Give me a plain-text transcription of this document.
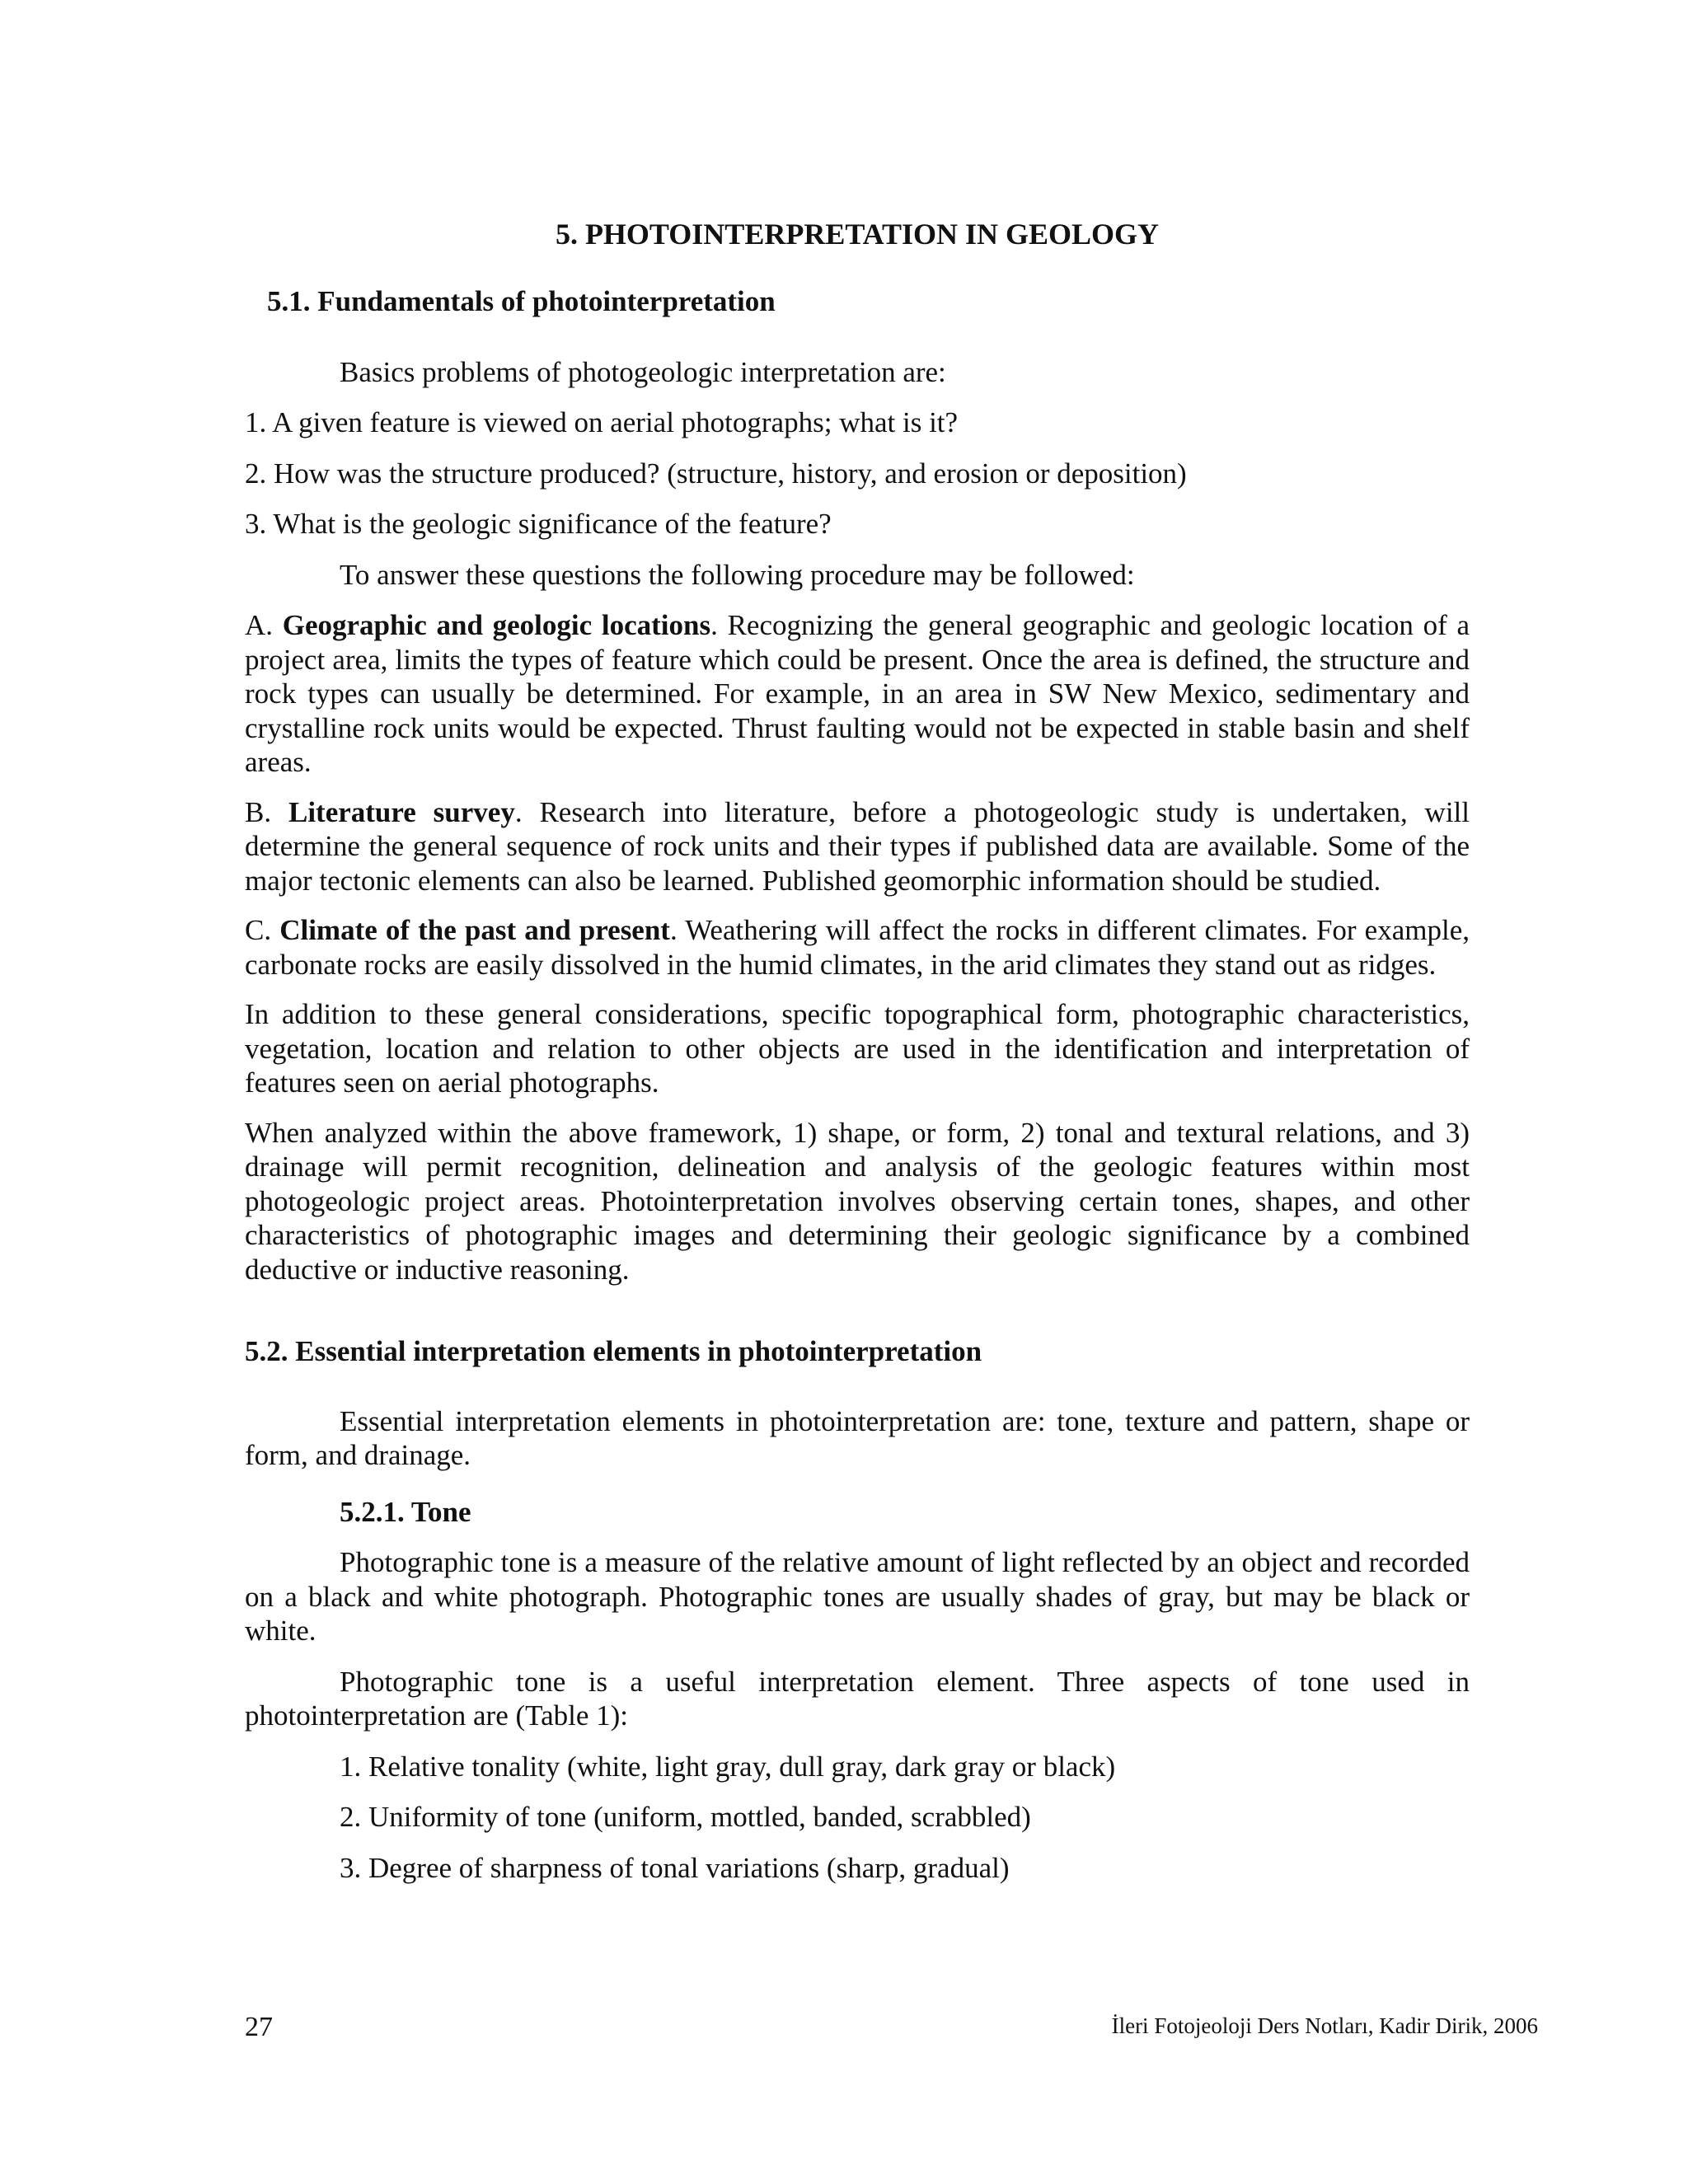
5. PHOTOINTERPRETATION IN GEOLOGY
5.1. Fundamentals of photointerpretation

Basics problems of photogeologic interpretation are:

1. A given feature is viewed on aerial photographs; what is it?

2. How was the structure produced? (structure, history, and erosion or deposition)

3. What is the geologic significance of the feature?

To answer these questions the following procedure may be followed:

A. Geographic and geologic locations. Recognizing the general geographic and geologic location of a project area, limits the types of feature which could be present. Once the area is defined, the structure and rock types can usually be determined. For example, in an area in SW New Mexico, sedimentary and crystalline rock units would be expected. Thrust faulting would not be expected in stable basin and shelf areas.

B. Literature survey. Research into literature, before a photogeologic study is undertaken, will determine the general sequence of rock units and their types if published data are available. Some of the major tectonic elements can also be learned. Published geomorphic information should be studied.

C. Climate of the past and present. Weathering will affect the rocks in different climates. For example, carbonate rocks are easily dissolved in the humid climates, in the arid climates they stand out as ridges.

In addition to these general considerations, specific topographical form, photographic characteristics, vegetation, location and relation to other objects are used in the identification and interpretation of features seen on aerial photographs.

When analyzed within the above framework, 1) shape, or form, 2) tonal and textural relations, and 3) drainage will permit recognition, delineation and analysis of the geologic features within most photogeologic project areas. Photointerpretation involves observing certain tones, shapes, and other characteristics of photographic images and determining their geologic significance by a combined deductive or inductive reasoning.

5.2. Essential interpretation elements in photointerpretation

Essential interpretation elements in photointerpretation are: tone, texture and pattern, shape or form, and drainage.

5.2.1. Tone

Photographic tone is a measure of the relative amount of light reflected by an object and recorded on a black and white photograph. Photographic tones are usually shades of gray, but may be black or white.

Photographic tone is a useful interpretation element. Three aspects of tone used in photointerpretation are (Table 1):

1. Relative tonality (white, light gray, dull gray, dark gray or black)

2. Uniformity of tone (uniform, mottled, banded, scrabbled)

3. Degree of sharpness of tonal variations (sharp, gradual)

27	İleri Fotojeoloji Ders Notları, Kadir Dirik, 2006
